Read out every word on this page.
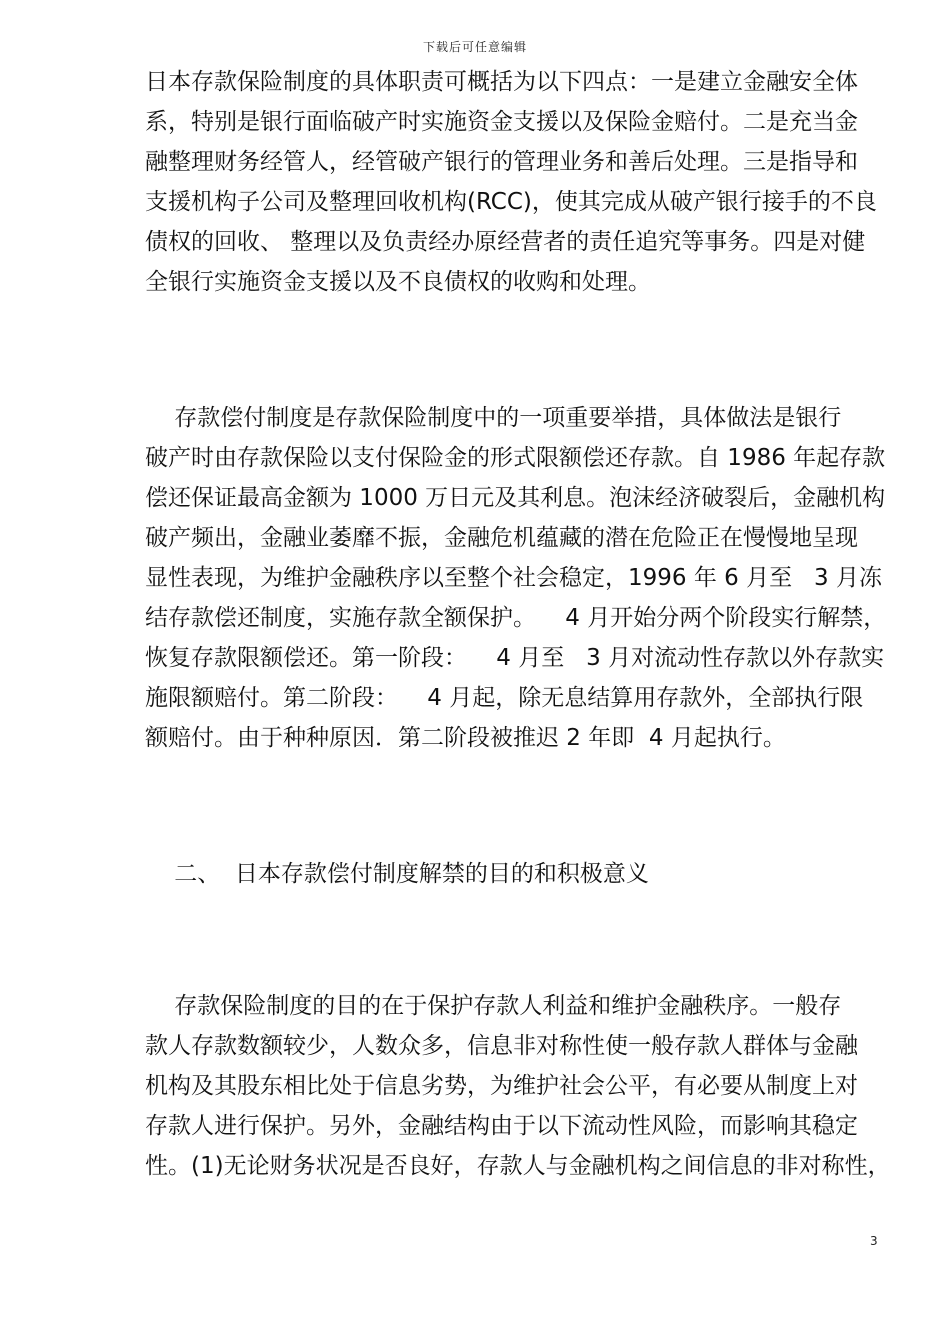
下载后可任意编辑
日本存款保险制度的具体职责可概括为以下四点：一是建立金融安全体
系，特别是银行面临破产时实施资金支援以及保险金赔付。二是充当金
融整理财务经管人，经管破产银行的管理业务和善后处理。三是指导和
支援机构子公司及整理回收机构(RCC)，使其完成从破产银行接手的不良
债权的回收、 整理以及负责经办原经营者的责任追究等事务。四是对健
全银行实施资金支援以及不良债权的收购和处理。
存款偿付制度是存款保险制度中的一项重要举措，具体做法是银行
破产时由存款保险以支付保险金的形式限额偿还存款。自 1986 年起存款
偿还保证最高金额为 1000 万日元及其利息。泡沫经济破裂后，金融机构
破产频出，金融业萎靡不振，金融危机蕴藏的潜在危险正在慢慢地呈现
显性表现，为维护金融秩序以至整个社会稳定，1996 年 6 月至   3 月冻
结存款偿还制度，实施存款全额保护。    4 月开始分两个阶段实行解禁，
恢复存款限额偿还。第一阶段：    4 月至   3 月对流动性存款以外存款实
施限额赔付。第二阶段：    4 月起，除无息结算用存款外，全部执行限
额赔付。由于种种原因．第二阶段被推迟 2 年即  4 月起执行。
二、  日本存款偿付制度解禁的目的和积极意义
存款保险制度的目的在于保护存款人利益和维护金融秩序。一般存
款人存款数额较少，人数众多，信息非对称性使一般存款人群体与金融
机构及其股东相比处于信息劣势，为维护社会公平，有必要从制度上对
存款人进行保护。另外，金融结构由于以下流动性风险，而影响其稳定
性。(1)无论财务状况是否良好，存款人与金融机构之间信息的非对称性，
3
